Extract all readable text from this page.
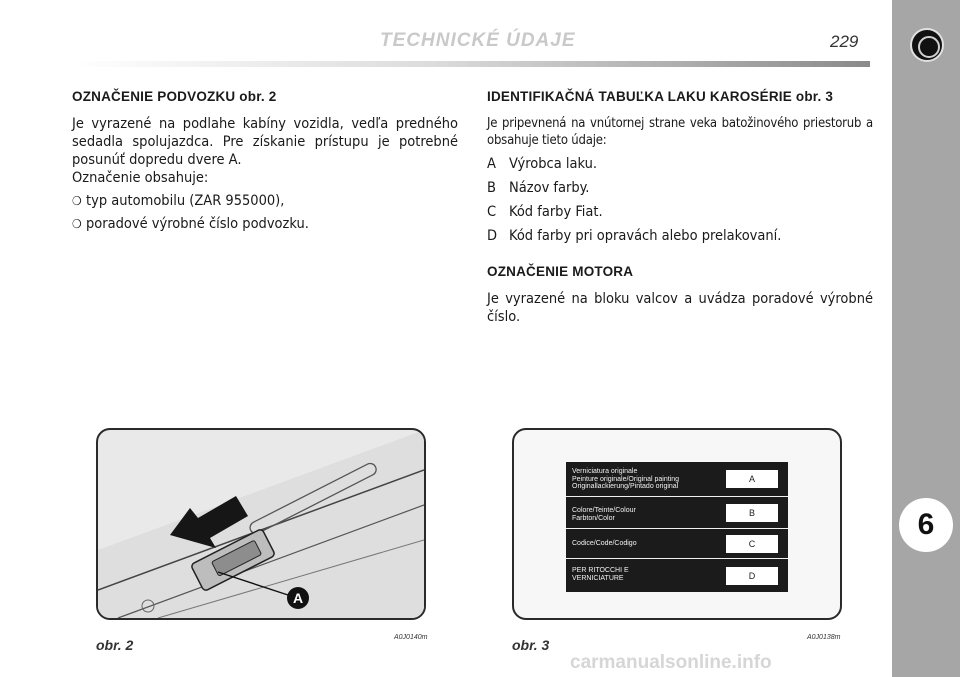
TECHNICKÉ ÚDAJE	229
6

OZNAČENIE PODVOZKU obr. 2

Je vyrazené na podlahe kabíny vozidla, vedľa predného sedadla spolujazdca. Pre získanie prístupu je potrebné posunúť dopredu dvere A.

Označenie obsahuje:

❍ typ automobilu (ZAR 955000),

❍ poradové výrobné číslo podvozku.

IDENTIFIKAČNÁ TABUĽKA LAKU KAROSÉRIE obr. 3

Je pripevnená na vnútornej strane veka batožinového priestorub a obsahuje tieto údaje:

A Výrobca laku.

B Názov farby.

C Kód farby Fiat.

D Kód farby pri opravách alebo prelakovaní.

OZNAČENIE MOTORA

Je vyrazené na bloku valcov a uvádza poradové výrobné číslo.

A
obr. 2	A0J0140m
Verniciatura originale
Peinture originale/Original painting
Originallackierung/Pintado original
A
Colore/Teinte/Colour
Farbton/Color	B
Codice/Code/Codigo	C
PER RITOCCHI E
VERNICIATURE	D
obr. 3	A0J0138m
carmanualsonline.info
